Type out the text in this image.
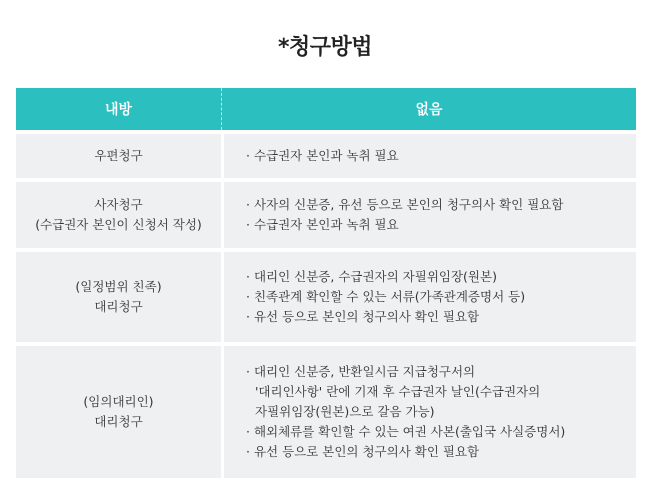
*청구방법
내방	없음
우편청구	· 수급권자 본인과 녹취 필요
사자청구
(수급권자 본인이 신청서 작성)
· 사자의 신분증, 유선 등으로 본인의 청구의사 확인 필요함
· 수급권자 본인과 녹취 필요
(일정범위 친족)
대리청구
· 대리인 신분증, 수급권자의 자필위임장(원본)
· 친족관계 확인할 수 있는 서류(가족관계증명서 등)
· 유선 등으로 본인의 청구의사 확인 필요함
(임의대리인)
대리청구
· 대리인 신분증, 반환일시금 지급청구서의
'대리인사항' 란에 기재 후 수급권자 날인(수급권자의
자필위임장(원본)으로 갈음 가능)
· 해외체류를 확인할 수 있는 여권 사본(출입국 사실증명서)
· 유선 등으로 본인의 청구의사 확인 필요함
